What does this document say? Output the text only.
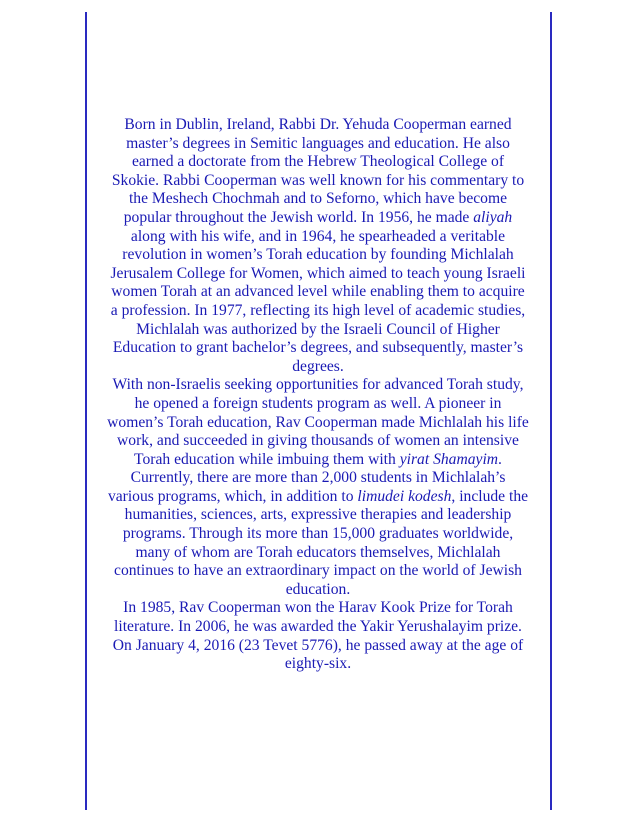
Born in Dublin, Ireland, Rabbi Dr. Yehuda Cooperman earned master’s degrees in Semitic languages and education. He also earned a doctorate from the Hebrew Theological College of Skokie. Rabbi Cooperman was well known for his commentary to the Meshech Chochmah and to Seforno, which have become popular throughout the Jewish world. In 1956, he made aliyah along with his wife, and in 1964, he spearheaded a veritable revolution in women’s Torah education by founding Michlalah Jerusalem College for Women, which aimed to teach young Israeli women Torah at an advanced level while enabling them to acquire a profession. In 1977, reflecting its high level of academic studies, Michlalah was authorized by the Israeli Council of Higher Education to grant bachelor’s degrees, and subsequently, master’s degrees.

With non-Israelis seeking opportunities for advanced Torah study, he opened a foreign students program as well. A pioneer in women’s Torah education, Rav Cooperman made Michlalah his life work, and succeeded in giving thousands of women an intensive Torah education while imbuing them with yirat Shamayim. Currently, there are more than 2,000 students in Michlalah’s various programs, which, in addition to limudei kodesh, include the humanities, sciences, arts, expressive therapies and leadership programs. Through its more than 15,000 graduates worldwide, many of whom are Torah educators themselves, Michlalah continues to have an extraordinary impact on the world of Jewish education.

In 1985, Rav Cooperman won the Harav Kook Prize for Torah literature. In 2006, he was awarded the Yakir Yerushalayim prize. On January 4, 2016 (23 Tevet 5776), he passed away at the age of eighty-six.
